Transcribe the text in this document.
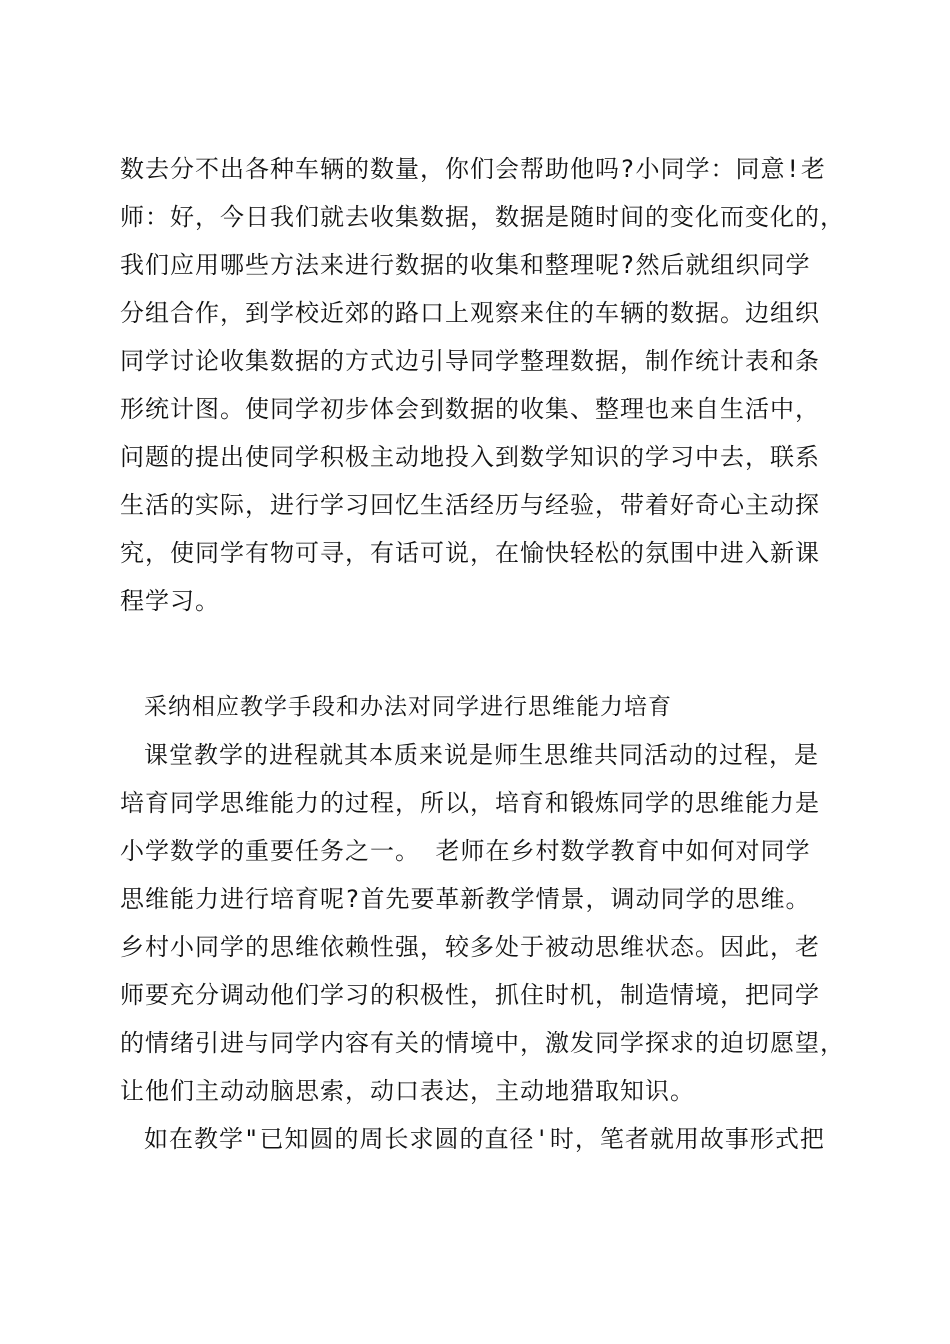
数去分不出各种车辆的数量，你们会帮助他吗?小同学：同意!老
师：好，今日我们就去收集数据，数据是随时间的变化而变化的，
我们应用哪些方法来进行数据的收集和整理呢?然后就组织同学
分组合作，到学校近郊的路口上观察来住的车辆的数据。边组织
同学讨论收集数据的方式边引导同学整理数据，制作统计表和条
形统计图。使同学初步体会到数据的收集、整理也来自生活中，
问题的提出使同学积极主动地投入到数学知识的学习中去，联系
生活的实际，进行学习回忆生活经历与经验，带着好奇心主动探
究，使同学有物可寻，有话可说，在愉快轻松的氛围中进入新课
程学习。
采纳相应教学手段和办法对同学进行思维能力培育
课堂教学的进程就其本质来说是师生思维共同活动的过程，是
培育同学思维能力的过程，所以，培育和锻炼同学的思维能力是
小学数学的重要任务之一。 老师在乡村数学教育中如何对同学
思维能力进行培育呢?首先要革新教学情景，调动同学的思维。
乡村小同学的思维依赖性强，较多处于被动思维状态。因此，老
师要充分调动他们学习的积极性，抓住时机，制造情境，把同学
的情绪引进与同学内容有关的情境中，激发同学探求的迫切愿望，
让他们主动动脑思索，动口表达，主动地猎取知识。
如在教学"已知圆的周长求圆的直径'时，笔者就用故事形式把
